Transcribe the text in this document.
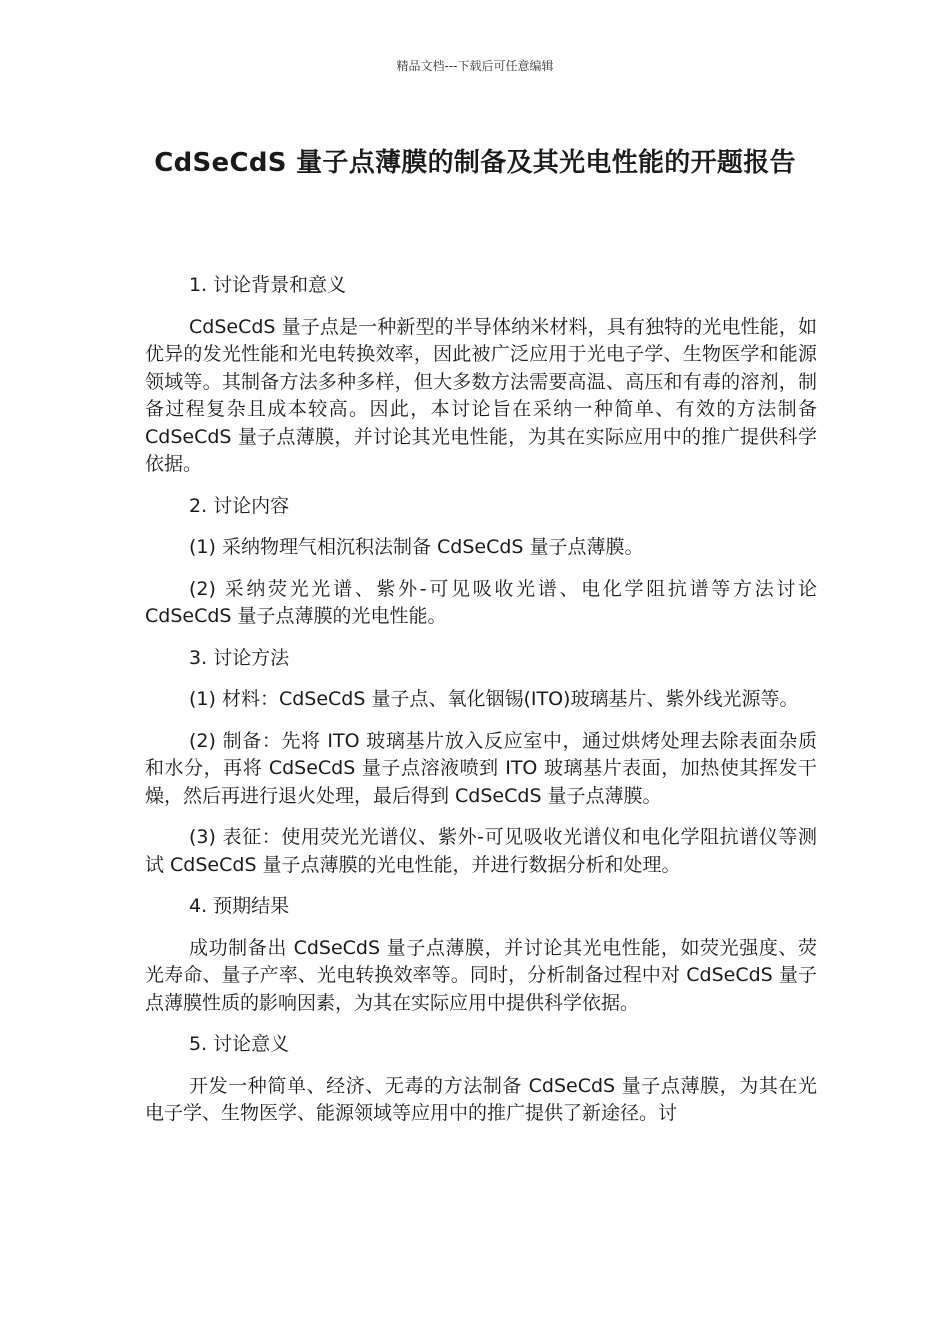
精品文档---下载后可任意编辑
CdSeCdS 量子点薄膜的制备及其光电性能的开题报告

1. 讨论背景和意义

CdSeCdS 量子点是一种新型的半导体纳米材料，具有独特的光电性能，如优异的发光性能和光电转换效率，因此被广泛应用于光电子学、生物医学和能源领域等。其制备方法多种多样，但大多数方法需要高温、高压和有毒的溶剂，制备过程复杂且成本较高。因此，本讨论旨在采纳一种简单、有效的方法制备 CdSeCdS 量子点薄膜，并讨论其光电性能，为其在实际应用中的推广提供科学依据。

2. 讨论内容

(1) 采纳物理气相沉积法制备 CdSeCdS 量子点薄膜。

(2) 采纳荧光光谱、紫外-可见吸收光谱、电化学阻抗谱等方法讨论 CdSeCdS 量子点薄膜的光电性能。

3. 讨论方法

(1) 材料：CdSeCdS 量子点、氧化铟锡(ITO)玻璃基片、紫外线光源等。

(2) 制备：先将 ITO 玻璃基片放入反应室中，通过烘烤处理去除表面杂质和水分，再将 CdSeCdS 量子点溶液喷到 ITO 玻璃基片表面，加热使其挥发干燥，然后再进行退火处理，最后得到 CdSeCdS 量子点薄膜。

(3) 表征：使用荧光光谱仪、紫外-可见吸收光谱仪和电化学阻抗谱仪等测试 CdSeCdS 量子点薄膜的光电性能，并进行数据分析和处理。

4. 预期结果

成功制备出 CdSeCdS 量子点薄膜，并讨论其光电性能，如荧光强度、荧光寿命、量子产率、光电转换效率等。同时，分析制备过程中对 CdSeCdS 量子点薄膜性质的影响因素，为其在实际应用中提供科学依据。

5. 讨论意义

开发一种简单、经济、无毒的方法制备 CdSeCdS 量子点薄膜，为其在光电子学、生物医学、能源领域等应用中的推广提供了新途径。讨
